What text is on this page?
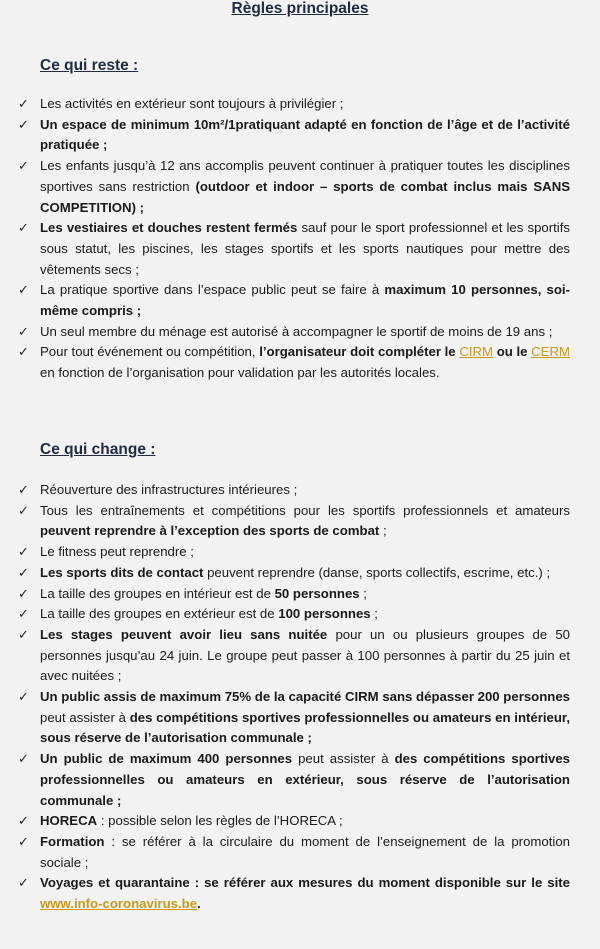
Règles principales
Ce qui reste :
✓ Les activités en extérieur sont toujours à privilégier ;
✓ Un espace de minimum 10m²/1pratiquant adapté en fonction de l’âge et de l’activité pratiquée ;
✓ Les enfants jusqu’à 12 ans accomplis peuvent continuer à pratiquer toutes les disciplines sportives sans restriction (outdoor et indoor – sports de combat inclus mais SANS COMPETITION) ;
✓ Les vestiaires et douches restent fermés sauf pour le sport professionnel et les sportifs sous statut, les piscines, les stages sportifs et les sports nautiques pour mettre des vêtements secs ;
✓ La pratique sportive dans l’espace public peut se faire à maximum 10 personnes, soi-même compris ;
✓ Un seul membre du ménage est autorisé à accompagner le sportif de moins de 19 ans ;
✓ Pour tout événement ou compétition, l’organisateur doit compléter le CIRM ou le CERM en fonction de l’organisation pour validation par les autorités locales.
Ce qui change :
✓ Réouverture des infrastructures intérieures ;
✓ Tous les entraînements et compétitions pour les sportifs professionnels et amateurs peuvent reprendre à l’exception des sports de combat ;
✓ Le fitness peut reprendre ;
✓ Les sports dits de contact peuvent reprendre (danse, sports collectifs, escrime, etc.) ;
✓ La taille des groupes en intérieur est de 50 personnes ;
✓ La taille des groupes en extérieur est de 100 personnes ;
✓ Les stages peuvent avoir lieu sans nuitée pour un ou plusieurs groupes de 50 personnes jusqu’au 24 juin. Le groupe peut passer à 100 personnes à partir du 25 juin et avec nuitées ;
✓ Un public assis de maximum 75% de la capacité CIRM sans dépasser 200 personnes peut assister à des compétitions sportives professionnelles ou amateurs en intérieur, sous réserve de l’autorisation communale ;
✓ Un public de maximum 400 personnes peut assister à des compétitions sportives professionnelles ou amateurs en extérieur, sous réserve de l’autorisation communale ;
✓ HORECA : possible selon les règles de l’HORECA ;
✓ Formation : se référer à la circulaire du moment de l’enseignement de la promotion sociale ;
✓ Voyages et quarantaine : se référer aux mesures du moment disponible sur le site www.info-coronavirus.be.
